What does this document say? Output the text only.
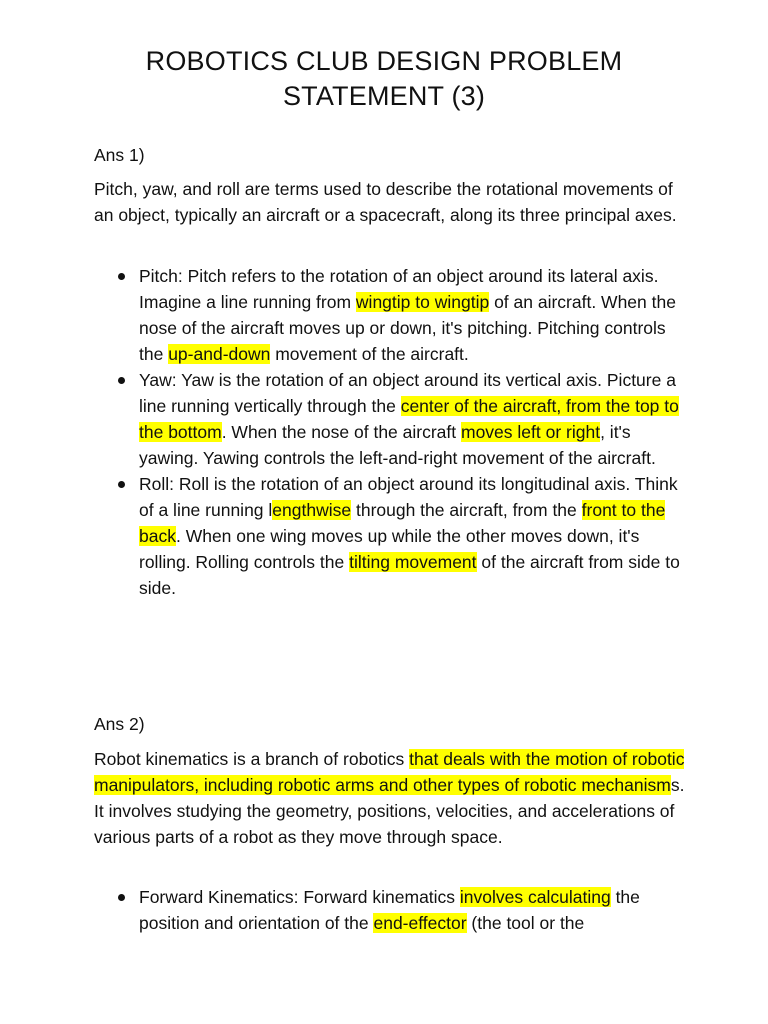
ROBOTICS CLUB DESIGN PROBLEM
STATEMENT (3)

Ans 1)

Pitch, yaw, and roll are terms used to describe the rotational movements of an object, typically an aircraft or a spacecraft, along its three principal axes.

Pitch: Pitch refers to the rotation of an object around its lateral axis. Imagine a line running from wingtip to wingtip of an aircraft. When the nose of the aircraft moves up or down, it's pitching. Pitching controls the up-and-down movement of the aircraft.
Yaw: Yaw is the rotation of an object around its vertical axis. Picture a line running vertically through the center of the aircraft, from the top to the bottom. When the nose of the aircraft moves left or right, it's yawing. Yawing controls the left-and-right movement of the aircraft.
Roll: Roll is the rotation of an object around its longitudinal axis. Think of a line running lengthwise through the aircraft, from the front to the back. When one wing moves up while the other moves down, it's rolling. Rolling controls the tilting movement of the aircraft from side to side.

Ans 2)

Robot kinematics is a branch of robotics that deals with the motion of robotic manipulators, including robotic arms and other types of robotic mechanisms. It involves studying the geometry, positions, velocities, and accelerations of various parts of a robot as they move through space.

Forward Kinematics: Forward kinematics involves calculating the position and orientation of the end-effector (the tool or the
